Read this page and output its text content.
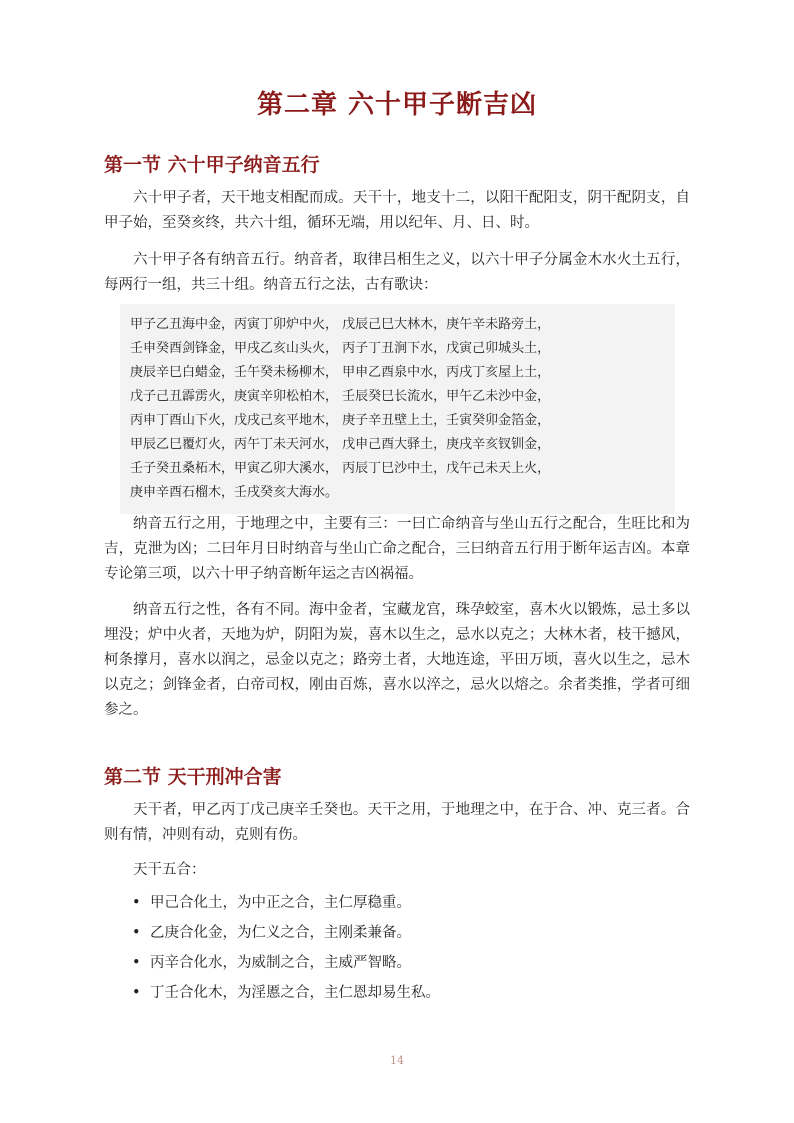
第二章 六十甲子断吉凶
第一节 六十甲子纳音五行

六十甲子者，天干地支相配而成。天干十，地支十二，以阳干配阳支，阴干配阴支，自甲子始，至癸亥终，共六十组，循环无端，用以纪年、月、日、时。

六十甲子各有纳音五行。纳音者，取律吕相生之义，以六十甲子分属金木水火土五行，每两行一组，共三十组。纳音五行之法，古有歌诀：

甲子乙丑海中金，丙寅丁卯炉中火， 戊辰己巳大林木，庚午辛未路旁土，

壬申癸酉剑锋金，甲戌乙亥山头火， 丙子丁丑涧下水，戊寅己卯城头土，

庚辰辛巳白蜡金，壬午癸未杨柳木， 甲申乙酉泉中水，丙戌丁亥屋上土，

戊子己丑霹雳火，庚寅辛卯松柏木， 壬辰癸巳长流水，甲午乙未沙中金，

丙申丁酉山下火，戊戌己亥平地木， 庚子辛丑壁上土，壬寅癸卯金箔金，

甲辰乙巳覆灯火，丙午丁未天河水， 戊申己酉大驿土，庚戌辛亥钗钏金，

壬子癸丑桑柘木，甲寅乙卯大溪水， 丙辰丁巳沙中土，戊午己未天上火，

庚申辛酉石榴木，壬戌癸亥大海水。

纳音五行之用，于地理之中，主要有三：一曰亡命纳音与坐山五行之配合，生旺比和为吉，克泄为凶；二曰年月日时纳音与坐山亡命之配合，三曰纳音五行用于断年运吉凶。本章专论第三项，以六十甲子纳音断年运之吉凶祸福。

纳音五行之性，各有不同。海中金者，宝藏龙宫，珠孕蛟室，喜木火以锻炼，忌土多以埋没；炉中火者，天地为炉，阴阳为炭，喜木以生之，忌水以克之；大林木者，枝干撼风，柯条撑月，喜水以润之，忌金以克之；路旁土者，大地连途，平田万顷，喜火以生之，忌木以克之；剑锋金者，白帝司权，刚由百炼，喜水以淬之，忌火以熔之。余者类推，学者可细参之。

第二节 天干刑冲合害

天干者，甲乙丙丁戊己庚辛壬癸也。天干之用，于地理之中，在于合、冲、克三者。合则有情，冲则有动，克则有伤。

天干五合：

• 甲己合化土，为中正之合，主仁厚稳重。
• 乙庚合化金，为仁义之合，主刚柔兼备。
• 丙辛合化水，为威制之合，主威严智略。
• 丁壬合化木，为淫慝之合，主仁恩却易生私。

14
